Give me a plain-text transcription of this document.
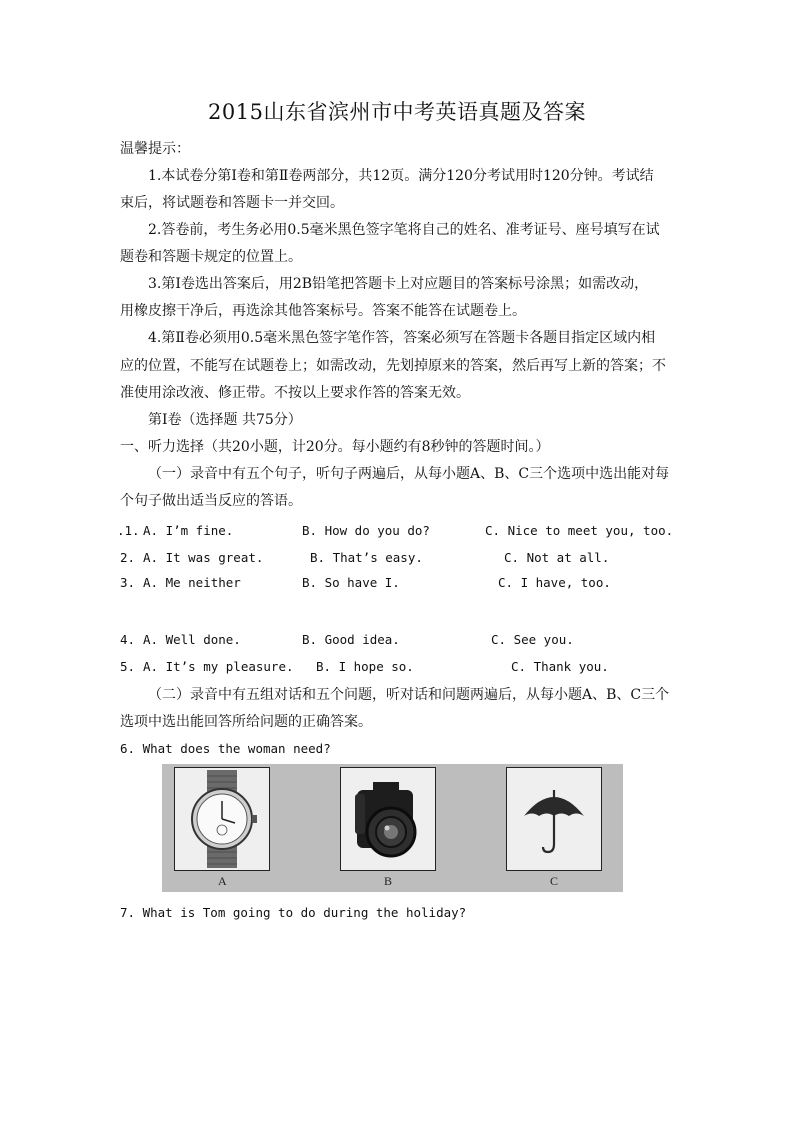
2015山东省滨州市中考英语真题及答案
温馨提示：
1.本试卷分第Ⅰ卷和第Ⅱ卷两部分，共12页。满分120分考试用时120分钟。考试结
束后，将试题卷和答题卡一并交回。
2.答卷前，考生务必用0.5毫米黑色签字笔将自己的姓名、准考证号、座号填写在试
题卷和答题卡规定的位置上。
3.第Ⅰ卷选出答案后，用2B铅笔把答题卡上对应题目的答案标号涂黑；如需改动，
用橡皮擦干净后，再选涂其他答案标号。答案不能答在试题卷上。
4.第Ⅱ卷必须用0.5毫米黑色签字笔作答，答案必须写在答题卡各题目指定区域内相
应的位置，不能写在试题卷上；如需改动，先划掉原来的答案，然后再写上新的答案；不
准使用涂改液、修正带。不按以上要求作答的答案无效。
第Ⅰ卷（选择题 共75分）
一、听力选择（共20小题，计20分。每小题约有8秒钟的答题时间。）
（一）录音中有五个句子，听句子两遍后，从每小题A、B、C三个选项中选出能对每
个句子做出适当反应的答语。
.1. A. I’m fine.	B. How do you do?	C. Nice to meet you, too.
2. A. It was great.	B. That’s easy.	C. Not at all.
3. A. Me neither	B. So have I.	C. I have, too.
4. A. Well done.	B. Good idea.	C. See you.
5. A. It’s my pleasure. B. I hope so.	C. Thank you.
（二）录音中有五组对话和五个问题，听对话和问题两遍后，从每小题A、B、C三个
选项中选出能回答所给问题的正确答案。
6. What does the woman need?
A	B	C
7. What is Tom going to do during the holiday?
